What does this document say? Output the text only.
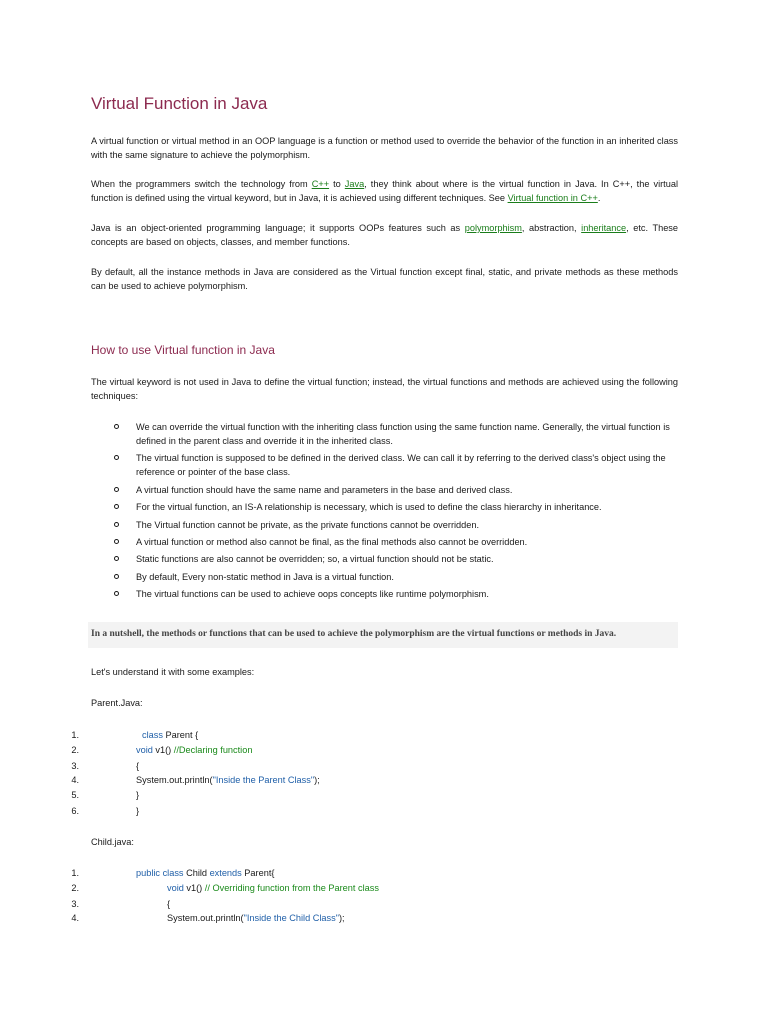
Virtual Function in Java

A virtual function or virtual method in an OOP language is a function or method used to override the behavior of the function in an inherited class with the same signature to achieve the polymorphism.

When the programmers switch the technology from C++ to Java, they think about where is the virtual function in Java. In C++, the virtual function is defined using the virtual keyword, but in Java, it is achieved using different techniques. See Virtual function in C++.

Java is an object-oriented programming language; it supports OOPs features such as polymorphism, abstraction, inheritance, etc. These concepts are based on objects, classes, and member functions.

By default, all the instance methods in Java are considered as the Virtual function except final, static, and private methods as these methods can be used to achieve polymorphism.

How to use Virtual function in Java

The virtual keyword is not used in Java to define the virtual function; instead, the virtual functions and methods are achieved using the following techniques:

We can override the virtual function with the inheriting class function using the same function name. Generally, the virtual function is defined in the parent class and override it in the inherited class.
The virtual function is supposed to be defined in the derived class. We can call it by referring to the derived class's object using the reference or pointer of the base class.
A virtual function should have the same name and parameters in the base and derived class.
For the virtual function, an IS-A relationship is necessary, which is used to define the class hierarchy in inheritance.
The Virtual function cannot be private, as the private functions cannot be overridden.
A virtual function or method also cannot be final, as the final methods also cannot be overridden.
Static functions are also cannot be overridden; so, a virtual function should not be static.
By default, Every non-static method in Java is a virtual function.
The virtual functions can be used to achieve oops concepts like runtime polymorphism.
In a nutshell, the methods or functions that can be used to achieve the polymorphism are the virtual functions or methods in Java.

Let's understand it with some examples:

Parent.Java:

1.	class Parent {
2.	void v1() //Declaring function
3.	{
4.	System.out.println("Inside the Parent Class");
5.	}
6.	}

Child.java:

1.	public class Child extends Parent{
2.	void v1() // Overriding function from the Parent class
3.	{
4.	System.out.println("Inside the Child Class");
